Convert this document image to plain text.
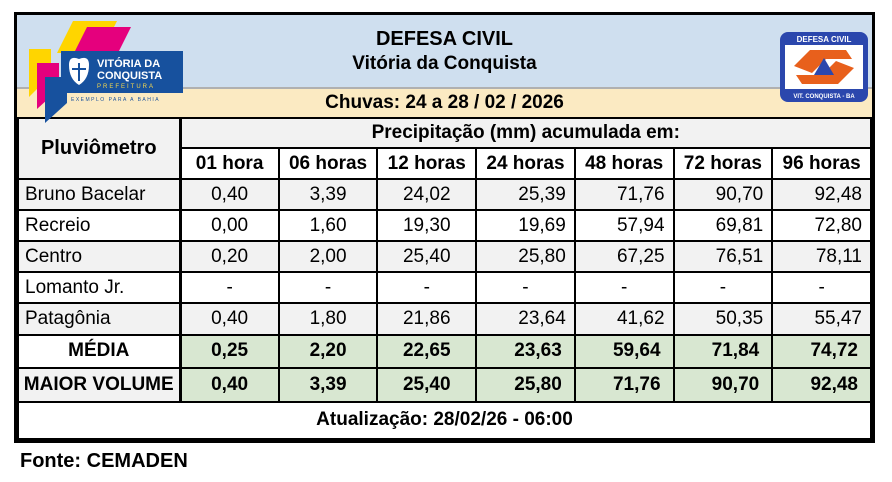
DEFESA CIVIL
Vitória da Conquista
Chuvas: 24 a 28 / 02 / 2026
VITÓRIA DA
CONQUISTA
PREFEITURA
EXEMPLO PARA A BAHIA
DEFESA CIVIL
VIT. CONQUISTA - BA
Pluviômetro	Precipitação (mm) acumulada em:						
	01 hora	06 horas	12 horas	24 horas	48 horas	72 horas	96 horas
Bruno Bacelar	0,40	3,39	24,02	25,39	71,76	90,70	92,48
Recreio	0,00	1,60	19,30	19,69	57,94	69,81	72,80
Centro	0,20	2,00	25,40	25,80	67,25	76,51	78,11
Lomanto Jr.	-	-	-	-	-	-	-
Patagônia	0,40	1,80	21,86	23,64	41,62	50,35	55,47
MÉDIA	0,25	2,20	22,65	23,63	59,64	71,84	74,72
MAIOR VOLUME	0,40	3,39	25,40	25,80	71,76	90,70	92,48
Atualização: 28/02/26 - 06:00							
Fonte: CEMADEN
